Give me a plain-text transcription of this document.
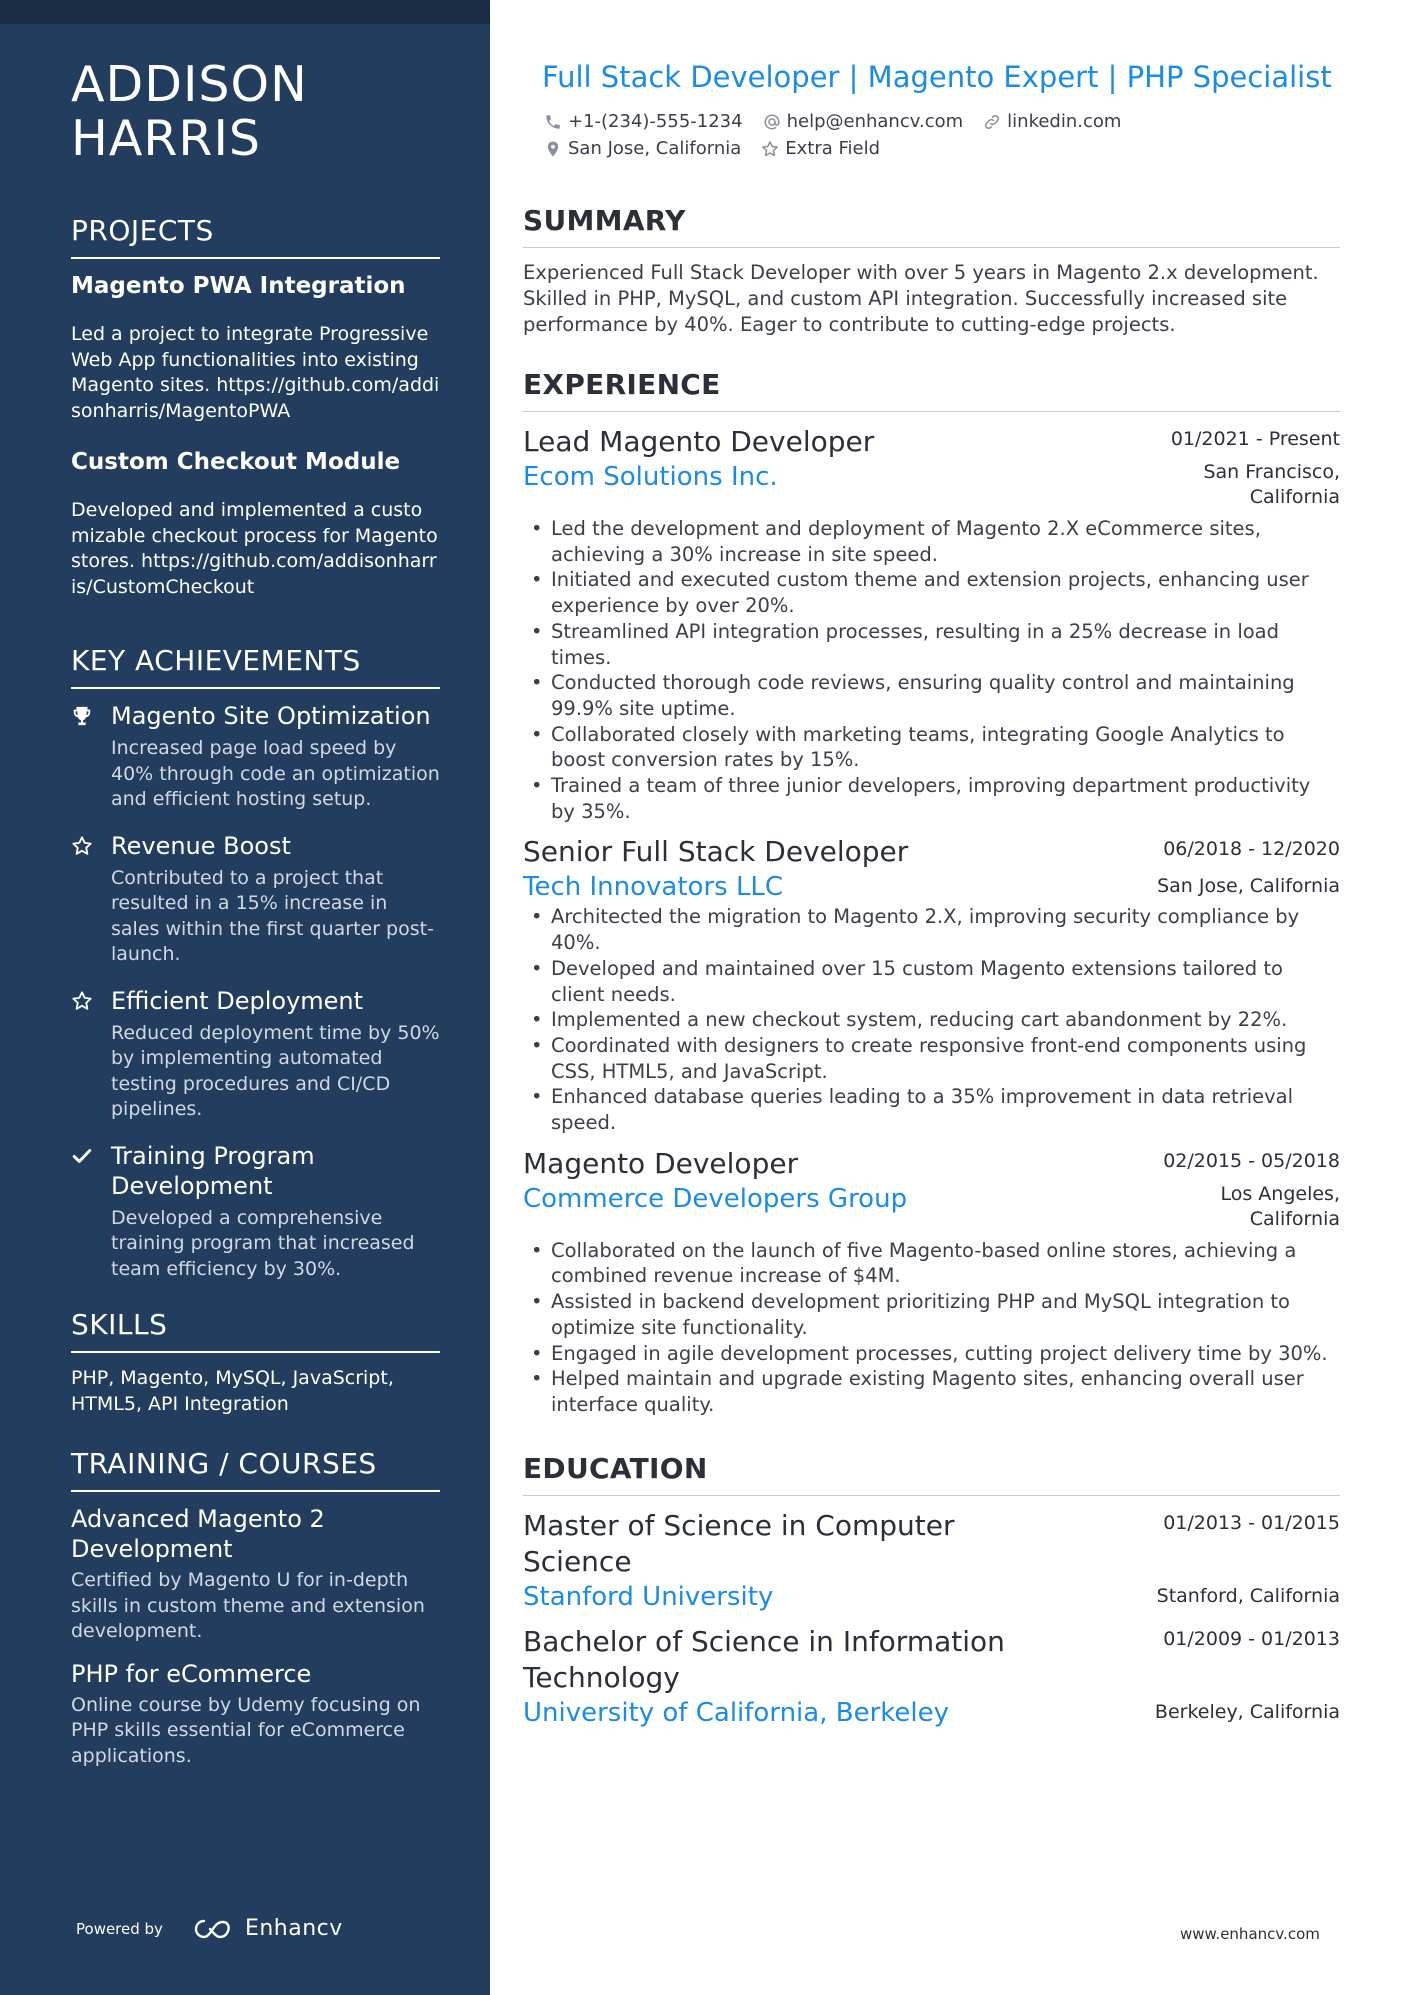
ADDISON
HARRIS
PROJECTS
Magento PWA Integration
Led a project to integrate Progressive Web App functionalities into existing Magento sites. https://github.com/addisonharris/MagentoPWA
Custom Checkout Module
Developed and implemented a customizable checkout process for Magento stores. https://github.com/addisonharris/CustomCheckout
KEY ACHIEVEMENTS
Magento Site Optimization
Increased page load speed by 40% through code an optimization and efficient hosting setup.
Revenue Boost
Contributed to a project that resulted in a 15% increase in sales within the first quarter post-launch.
Efficient Deployment
Reduced deployment time by 50% by implementing automated testing procedures and CI/CD pipelines.
Training Program Development
Developed a comprehensive training program that increased team efficiency by 30%.
SKILLS
PHP, Magento, MySQL, JavaScript, HTML5, API Integration
TRAINING / COURSES
Advanced Magento 2 Development
Certified by Magento U for in-depth skills in custom theme and extension development.
PHP for eCommerce
Online course by Udemy focusing on PHP skills essential for eCommerce applications.
Powered by	Enhancv
Full Stack Developer | Magento Expert | PHP Specialist
+1-(234)-555-1234 help@enhancv.com linkedin.com
San Jose, California Extra Field
SUMMARY

Experienced Full Stack Developer with over 5 years in Magento 2.x development. Skilled in PHP, MySQL, and custom API integration. Successfully increased site performance by 40%. Eager to contribute to cutting-edge projects.

EXPERIENCE
Lead Magento Developer	01/2021 - Present
Ecom Solutions Inc.	San Francisco, California
• Led the development and deployment of Magento 2.X eCommerce sites, achieving a 30% increase in site speed.
• Initiated and executed custom theme and extension projects, enhancing user experience by over 20%.
• Streamlined API integration processes, resulting in a 25% decrease in load times.
• Conducted thorough code reviews, ensuring quality control and maintaining 99.9% site uptime.
• Collaborated closely with marketing teams, integrating Google Analytics to boost conversion rates by 15%.
• Trained a team of three junior developers, improving department productivity by 35%.
Senior Full Stack Developer	06/2018 - 12/2020
Tech Innovators LLC	San Jose, California
• Architected the migration to Magento 2.X, improving security compliance by 40%.
• Developed and maintained over 15 custom Magento extensions tailored to client needs.
• Implemented a new checkout system, reducing cart abandonment by 22%.
• Coordinated with designers to create responsive front-end components using CSS, HTML5, and JavaScript.
• Enhanced database queries leading to a 35% improvement in data retrieval speed.
Magento Developer	02/2015 - 05/2018
Commerce Developers Group	Los Angeles, California
• Collaborated on the launch of five Magento-based online stores, achieving a combined revenue increase of $4M.
• Assisted in backend development prioritizing PHP and MySQL integration to optimize site functionality.
• Engaged in agile development processes, cutting project delivery time by 30%.
• Helped maintain and upgrade existing Magento sites, enhancing overall user interface quality.
EDUCATION
Master of Science in Computer Science
01/2013 - 01/2015
Stanford University	Stanford, California
Bachelor of Science in Information Technology
01/2009 - 01/2013
University of California, Berkeley	Berkeley, California
www.enhancv.com
